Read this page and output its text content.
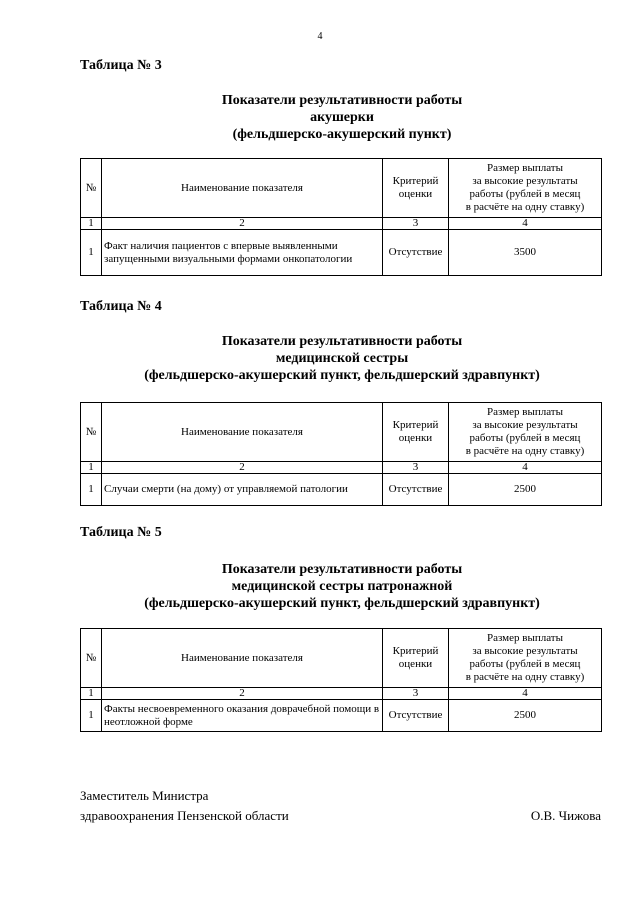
4
Таблица № 3
Показатели результативности работы
акушерки
(фельдшерско-акушерский пункт)
№	Наименование показателя	Критерий оценки	Размер выплаты
за высокие результаты
работы (рублей в месяц
в расчёте на одну ставку)

1	2	3	4
1	Факт наличия пациентов с впервые выявленными запущенными визуальными формами онкопатологии	Отсутствие	3500
Таблица № 4
Показатели результативности работы
медицинской сестры
(фельдшерско-акушерский пункт, фельдшерский здравпункт)
№	Наименование показателя	Критерий оценки	Размер выплаты
за высокие результаты
работы (рублей в месяц
в расчёте на одну ставку)

1	2	3	4
1	Случаи смерти (на дому) от управляемой патологии	Отсутствие	2500
Таблица № 5
Показатели результативности работы
медицинской сестры патронажной
(фельдшерско-акушерский пункт, фельдшерский здравпункт)
№	Наименование показателя	Критерий оценки	Размер выплаты
за высокие результаты
работы (рублей в месяц
в расчёте на одну ставку)

1	2	3	4
1	Факты несвоевременного оказания доврачебной помощи в неотложной форме	Отсутствие	2500
Заместитель Министра
здравоохранения Пензенской области	О.В. Чижова
